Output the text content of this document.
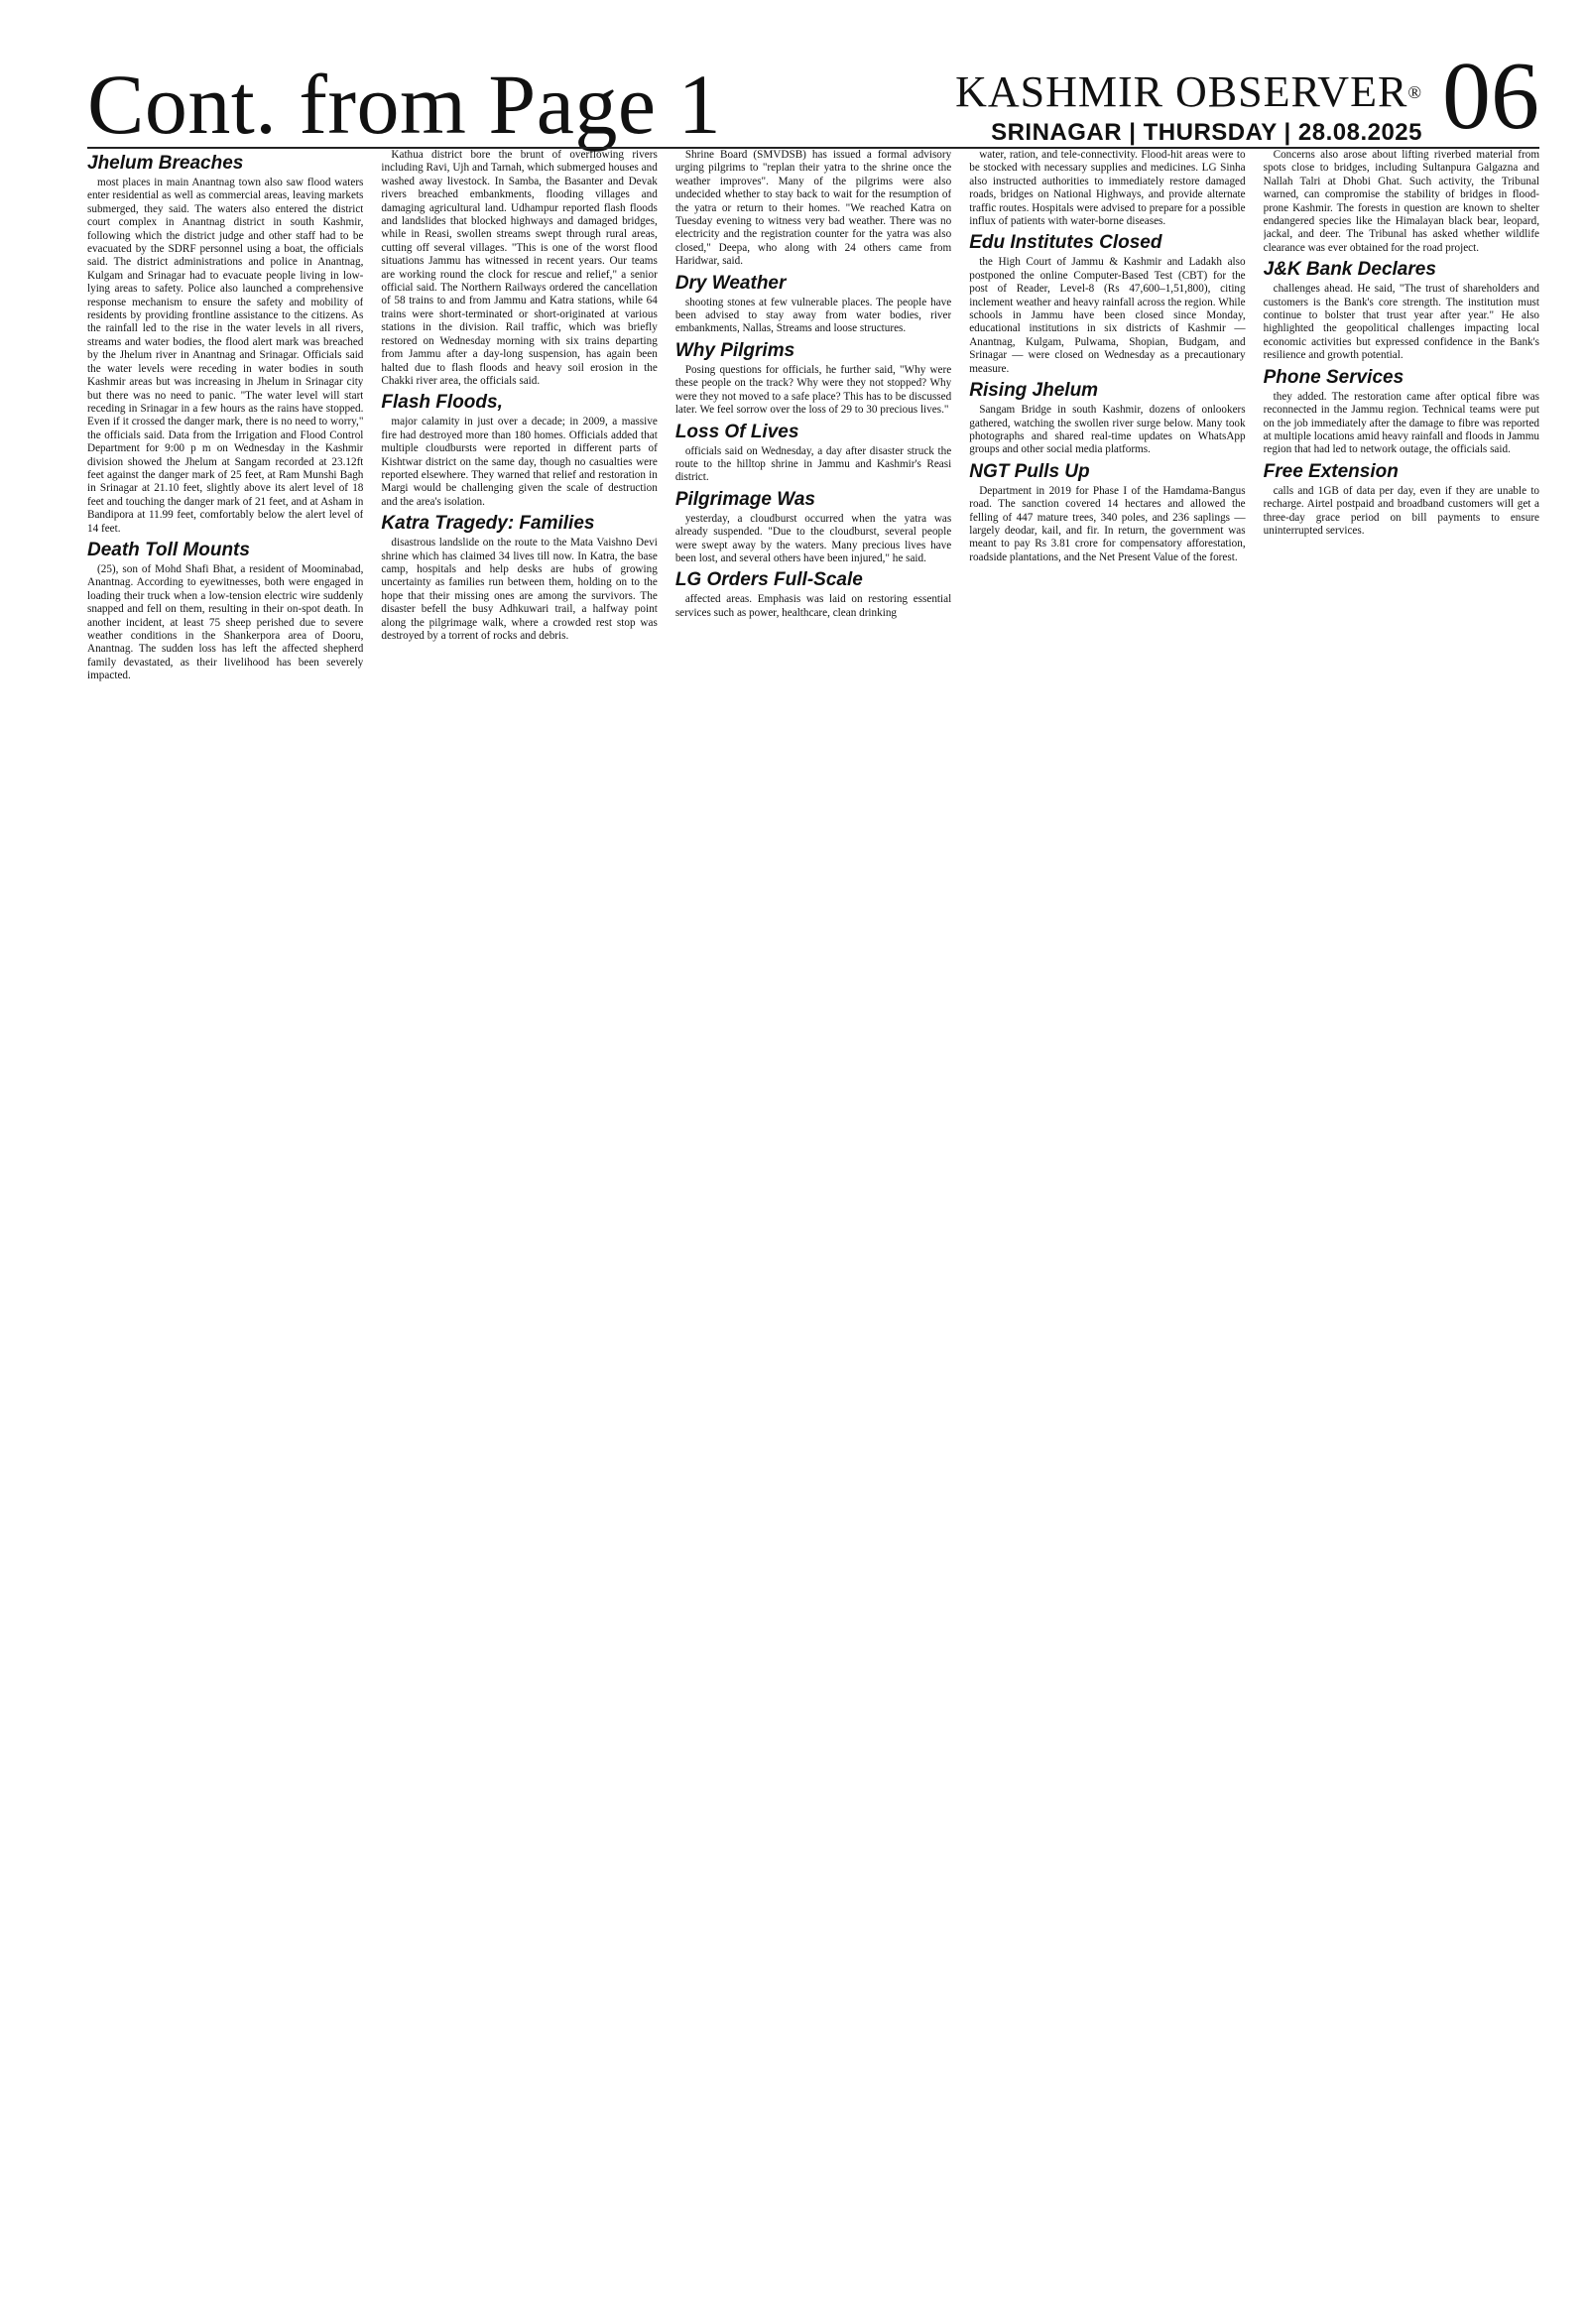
Cont. from Page 1	KASHMIR OBSERVER®
SRINAGAR | THURSDAY | 28.08.2025 06
Jhelum Breaches

most places in main Anantnag town also saw flood waters enter residential as well as commercial areas, leaving markets submerged, they said. The waters also entered the district court complex in Anantnag district in south Kashmir, following which the district judge and other staff had to be evacuated by the SDRF personnel using a boat, the officials said. The district administrations and police in Anantnag, Kulgam and Srinagar had to evacuate people living in low-lying areas to safety. Police also launched a comprehensive response mechanism to ensure the safety and mobility of residents by providing frontline assistance to the citizens. As the rainfall led to the rise in the water levels in all rivers, streams and water bodies, the flood alert mark was breached by the Jhelum river in Anantnag and Srinagar. Officials said the water levels were receding in water bodies in south Kashmir areas but was increasing in Jhelum in Srinagar city but there was no need to panic. "The water level will start receding in Srinagar in a few hours as the rains have stopped. Even if it crossed the danger mark, there is no need to worry," the officials said. Data from the Irrigation and Flood Control Department for 9:00 p m on Wednesday in the Kashmir division showed the Jhelum at Sangam recorded at 23.12ft feet against the danger mark of 25 feet, at Ram Munshi Bagh in Srinagar at 21.10 feet, slightly above its alert level of 18 feet and touching the danger mark of 21 feet, and at Asham in Bandipora at 11.99 feet, comfortably below the alert level of 14 feet.

Death Toll Mounts

(25), son of Mohd Shafi Bhat, a resident of Moominabad, Anantnag. According to eyewitnesses, both were engaged in loading their truck when a low-tension electric wire suddenly snapped and fell on them, resulting in their on-spot death. In another incident, at least 75 sheep perished due to severe weather conditions in the Shankerpora area of Dooru, Anantnag. The sudden loss has left the affected shepherd family devastated, as their livelihood has been severely impacted.

Kathua district bore the brunt of overflowing rivers including Ravi, Ujh and Tarnah, which submerged houses and washed away livestock. In Samba, the Basanter and Devak rivers breached embankments, flooding villages and damaging agricultural land. Udhampur reported flash floods and landslides that blocked highways and damaged bridges, while in Reasi, swollen streams swept through rural areas, cutting off several villages. "This is one of the worst flood situations Jammu has witnessed in recent years. Our teams are working round the clock for rescue and relief," a senior official said. The Northern Railways ordered the cancellation of 58 trains to and from Jammu and Katra stations, while 64 trains were short-terminated or short-originated at various stations in the division. Rail traffic, which was briefly restored on Wednesday morning with six trains departing from Jammu after a day-long suspension, has again been halted due to flash floods and heavy soil erosion in the Chakki river area, the officials said.

Flash Floods,

major calamity in just over a decade; in 2009, a massive fire had destroyed more than 180 homes. Officials added that multiple cloudbursts were reported in different parts of Kishtwar district on the same day, though no casualties were reported elsewhere. They warned that relief and restoration in Margi would be challenging given the scale of destruction and the area's isolation.

Katra Tragedy: Families

disastrous landslide on the route to the Mata Vaishno Devi shrine which has claimed 34 lives till now. In Katra, the base camp, hospitals and help desks are hubs of growing uncertainty as families run between them, holding on to the hope that their missing ones are among the survivors. The disaster befell the busy Adhkuwari trail, a halfway point along the pilgrimage walk, where a crowded rest stop was destroyed by a torrent of rocks and debris.

Shrine Board (SMVDSB) has issued a formal advisory urging pilgrims to "replan their yatra to the shrine once the weather improves". Many of the pilgrims were also undecided whether to stay back to wait for the resumption of the yatra or return to their homes. "We reached Katra on Tuesday evening to witness very bad weather. There was no electricity and the registration counter for the yatra was also closed," Deepa, who along with 24 others came from Haridwar, said.

Dry Weather

shooting stones at few vulnerable places. The people have been advised to stay away from water bodies, river embankments, Nallas, Streams and loose structures.

Why Pilgrims

Posing questions for officials, he further said, "Why were these people on the track? Why were they not stopped? Why were they not moved to a safe place? This has to be discussed later. We feel sorrow over the loss of 29 to 30 precious lives."

Loss Of Lives

officials said on Wednesday, a day after disaster struck the route to the hilltop shrine in Jammu and Kashmir's Reasi district.

Pilgrimage Was

yesterday, a cloudburst occurred when the yatra was already suspended. "Due to the cloudburst, several people were swept away by the waters. Many precious lives have been lost, and several others have been injured," he said.

LG Orders Full-Scale

affected areas. Emphasis was laid on restoring essential services such as power, healthcare, clean drinking

water, ration, and tele-connectivity. Flood-hit areas were to be stocked with necessary supplies and medicines. LG Sinha also instructed authorities to immediately restore damaged roads, bridges on National Highways, and provide alternate traffic routes. Hospitals were advised to prepare for a possible influx of patients with water-borne diseases.

Edu Institutes Closed

the High Court of Jammu & Kashmir and Ladakh also postponed the online Computer-Based Test (CBT) for the post of Reader, Level-8 (Rs 47,600–1,51,800), citing inclement weather and heavy rainfall across the region. While schools in Jammu have been closed since Monday, educational institutions in six districts of Kashmir — Anantnag, Kulgam, Pulwama, Shopian, Budgam, and Srinagar — were closed on Wednesday as a precautionary measure.

Rising Jhelum

Sangam Bridge in south Kashmir, dozens of onlookers gathered, watching the swollen river surge below. Many took photographs and shared real-time updates on WhatsApp groups and other social media platforms.

NGT Pulls Up

Department in 2019 for Phase I of the Hamdama-Bangus road. The sanction covered 14 hectares and allowed the felling of 447 mature trees, 340 poles, and 236 saplings — largely deodar, kail, and fir. In return, the government was meant to pay Rs 3.81 crore for compensatory afforestation, roadside plantations, and the Net Present Value of the forest.

Concerns also arose about lifting riverbed material from spots close to bridges, including Sultanpura Galgazna and Nallah Talri at Dhobi Ghat. Such activity, the Tribunal warned, can compromise the stability of bridges in flood-prone Kashmir. The forests in question are known to shelter endangered species like the Himalayan black bear, leopard, jackal, and deer. The Tribunal has asked whether wildlife clearance was ever obtained for the road project.

J&K Bank Declares

challenges ahead. He said, "The trust of shareholders and customers is the Bank's core strength. The institution must continue to bolster that trust year after year." He also highlighted the geopolitical challenges impacting local economic activities but expressed confidence in the Bank's resilience and growth potential.

Phone Services

they added. The restoration came after optical fibre was reconnected in the Jammu region. Technical teams were put on the job immediately after the damage to fibre was reported at multiple locations amid heavy rainfall and floods in Jammu region that had led to network outage, the officials said.

Free Extension

calls and 1GB of data per day, even if they are unable to recharge. Airtel postpaid and broadband customers will get a three-day grace period on bill payments to ensure uninterrupted services.
